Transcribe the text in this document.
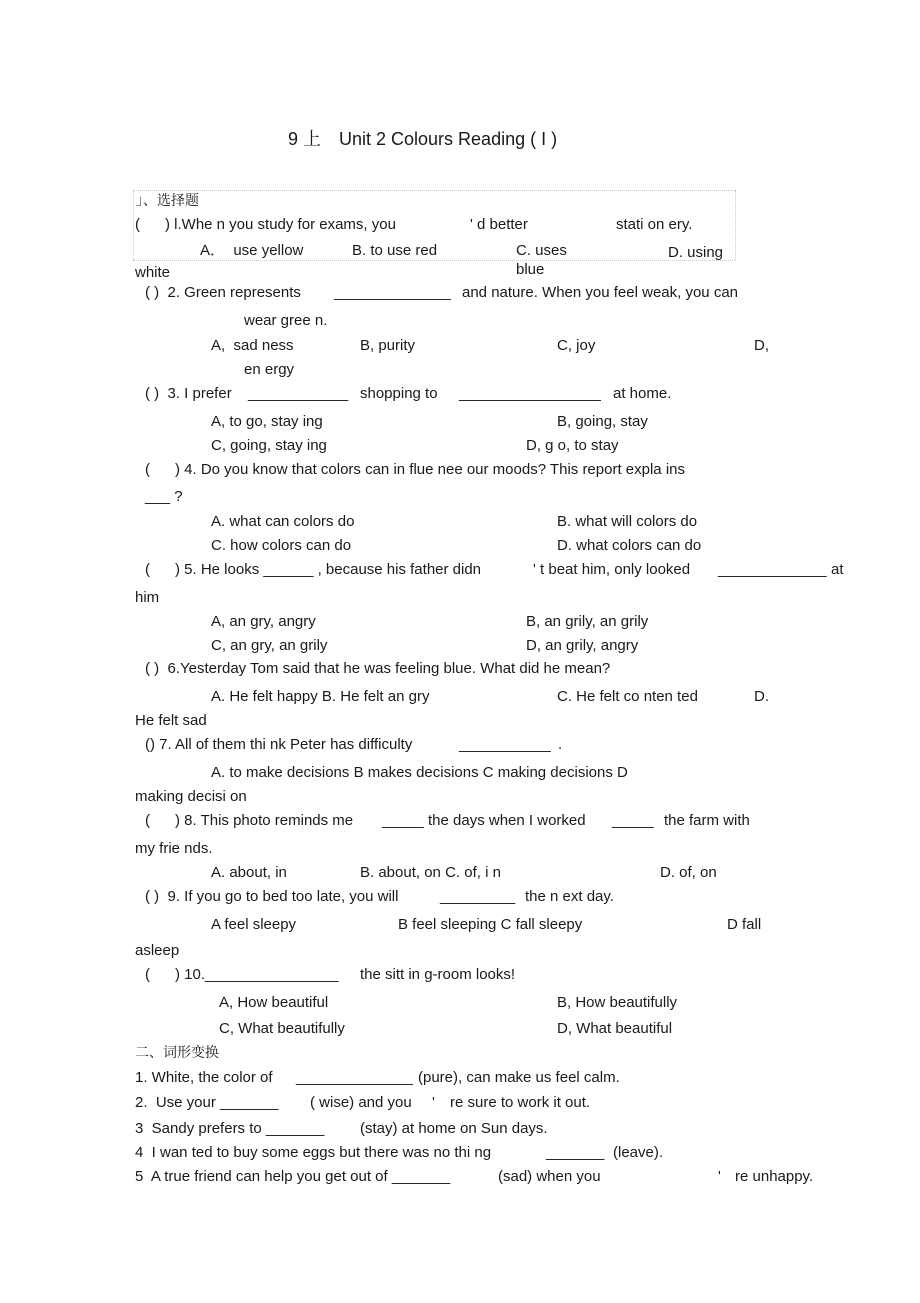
9 上 Unit 2 Colours Reading ( I )
」、选择题
(      ) l.Whe n you study for exams, you	' d better	stati on ery.
A．  use yellow	B. to use red	C. uses	D. using
white	blue
( )  2. Green represents ______________ and nature. When you feel weak, you can
wear gree n.
A,  sad ness	B, purity	C, joy	D,
en ergy
( )  3. I prefer ____________ shopping to _________________ at home.
A, to go, stay ing	B, going, stay
C, going, stay ing	D, g o, to stay
(      ) 4. Do you know that colors can in flue nee our moods? This report expla ins
___ ?
A. what can colors do	B. what will colors do
C. how colors can do	D. what colors can do
(      ) 5. He looks ______ , because his father didn	' t beat him, only looked _____________ at
him
A, an gry, angry	B, an grily, an grily
C, an gry, an grily	D, an grily, angry
( )  6.Yesterday Tom said that he was feeling blue. What did he mean?
A. He felt happy B. He felt an gry	C. He felt co nten ted	D.
He felt sad
() 7. All of them thi nk Peter has difficulty	___________ .
A. to make decisions B makes decisions C making decisions D
making decisi on
(      ) 8. This photo reminds me _____ the days when I worked _____ the farm with
my frie nds.
A. about, in	B. about, on C. of, i n	D. of, on
( )  9. If you go to bed too late, you will	_________ the n ext day.
A feel sleepy	B feel sleeping C fall sleepy	D fall
asleep
(      ) 10.________________ the sitt in g-room looks!
A, How beautiful	B, How beautifully
C, What beautifully	D, What beautiful
二、词形变换
1. White, the color of ______________ (pure), can make us feel calm.
2.  Use your _______ ( wise) and you ' re sure to work it out.
3  Sandy prefers to _______ (stay) at home on Sun days.
4  I wan ted to buy some eggs but there was no thi ng	_______ (leave).
5  A true friend can help you get out of _______	(sad) when you	' re unhappy.
